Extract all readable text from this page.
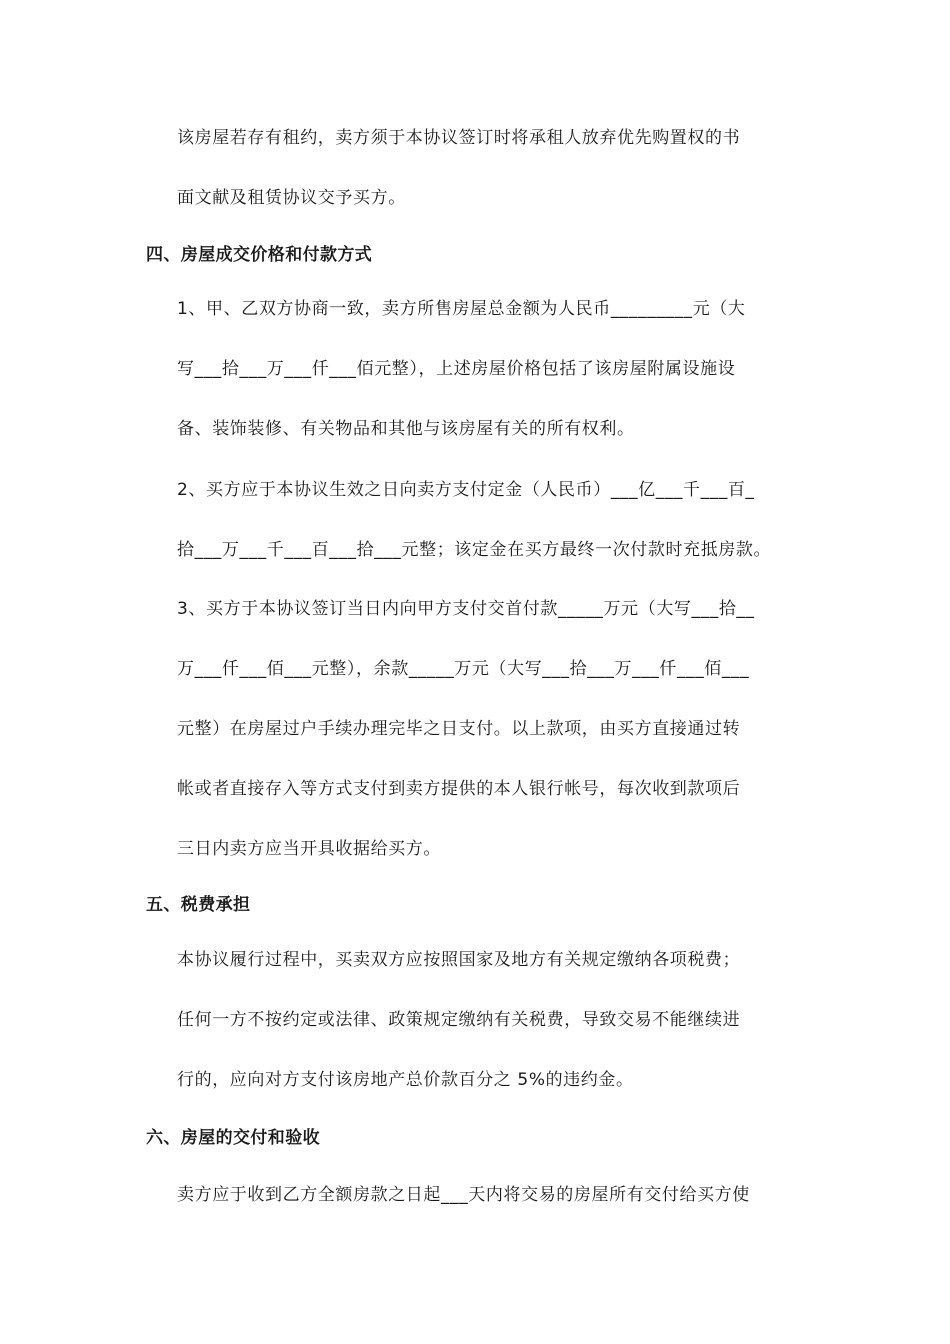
该房屋若存有租约，卖方须于本协议签订时将承租人放弃优先购置权的书
面文献及租赁协议交予买方。
四、房屋成交价格和付款方式
1、甲、乙双方协商一致，卖方所售房屋总金额为人民币_________元（大
写___拾___万___仟___佰元整），上述房屋价格包括了该房屋附属设施设
备、装饰装修、有关物品和其他与该房屋有关的所有权利。
2、买方应于本协议生效之日向卖方支付定金（人民币）___亿___千___百_
拾___万___千___百___拾___元整；该定金在买方最终一次付款时充抵房款。
3、买方于本协议签订当日内向甲方支付交首付款_____万元（大写___拾__
万___仟___佰___元整），余款_____万元（大写___拾___万___仟___佰___
元整）在房屋过户手续办理完毕之日支付。以上款项，由买方直接通过转
帐或者直接存入等方式支付到卖方提供的本人银行帐号，每次收到款项后
三日内卖方应当开具收据给买方。
五、税费承担
本协议履行过程中，买卖双方应按照国家及地方有关规定缴纳各项税费；
任何一方不按约定或法律、政策规定缴纳有关税费，导致交易不能继续进
行的，应向对方支付该房地产总价款百分之 5%的违约金。
六、房屋的交付和验收
卖方应于收到乙方全额房款之日起___天内将交易的房屋所有交付给买方使
